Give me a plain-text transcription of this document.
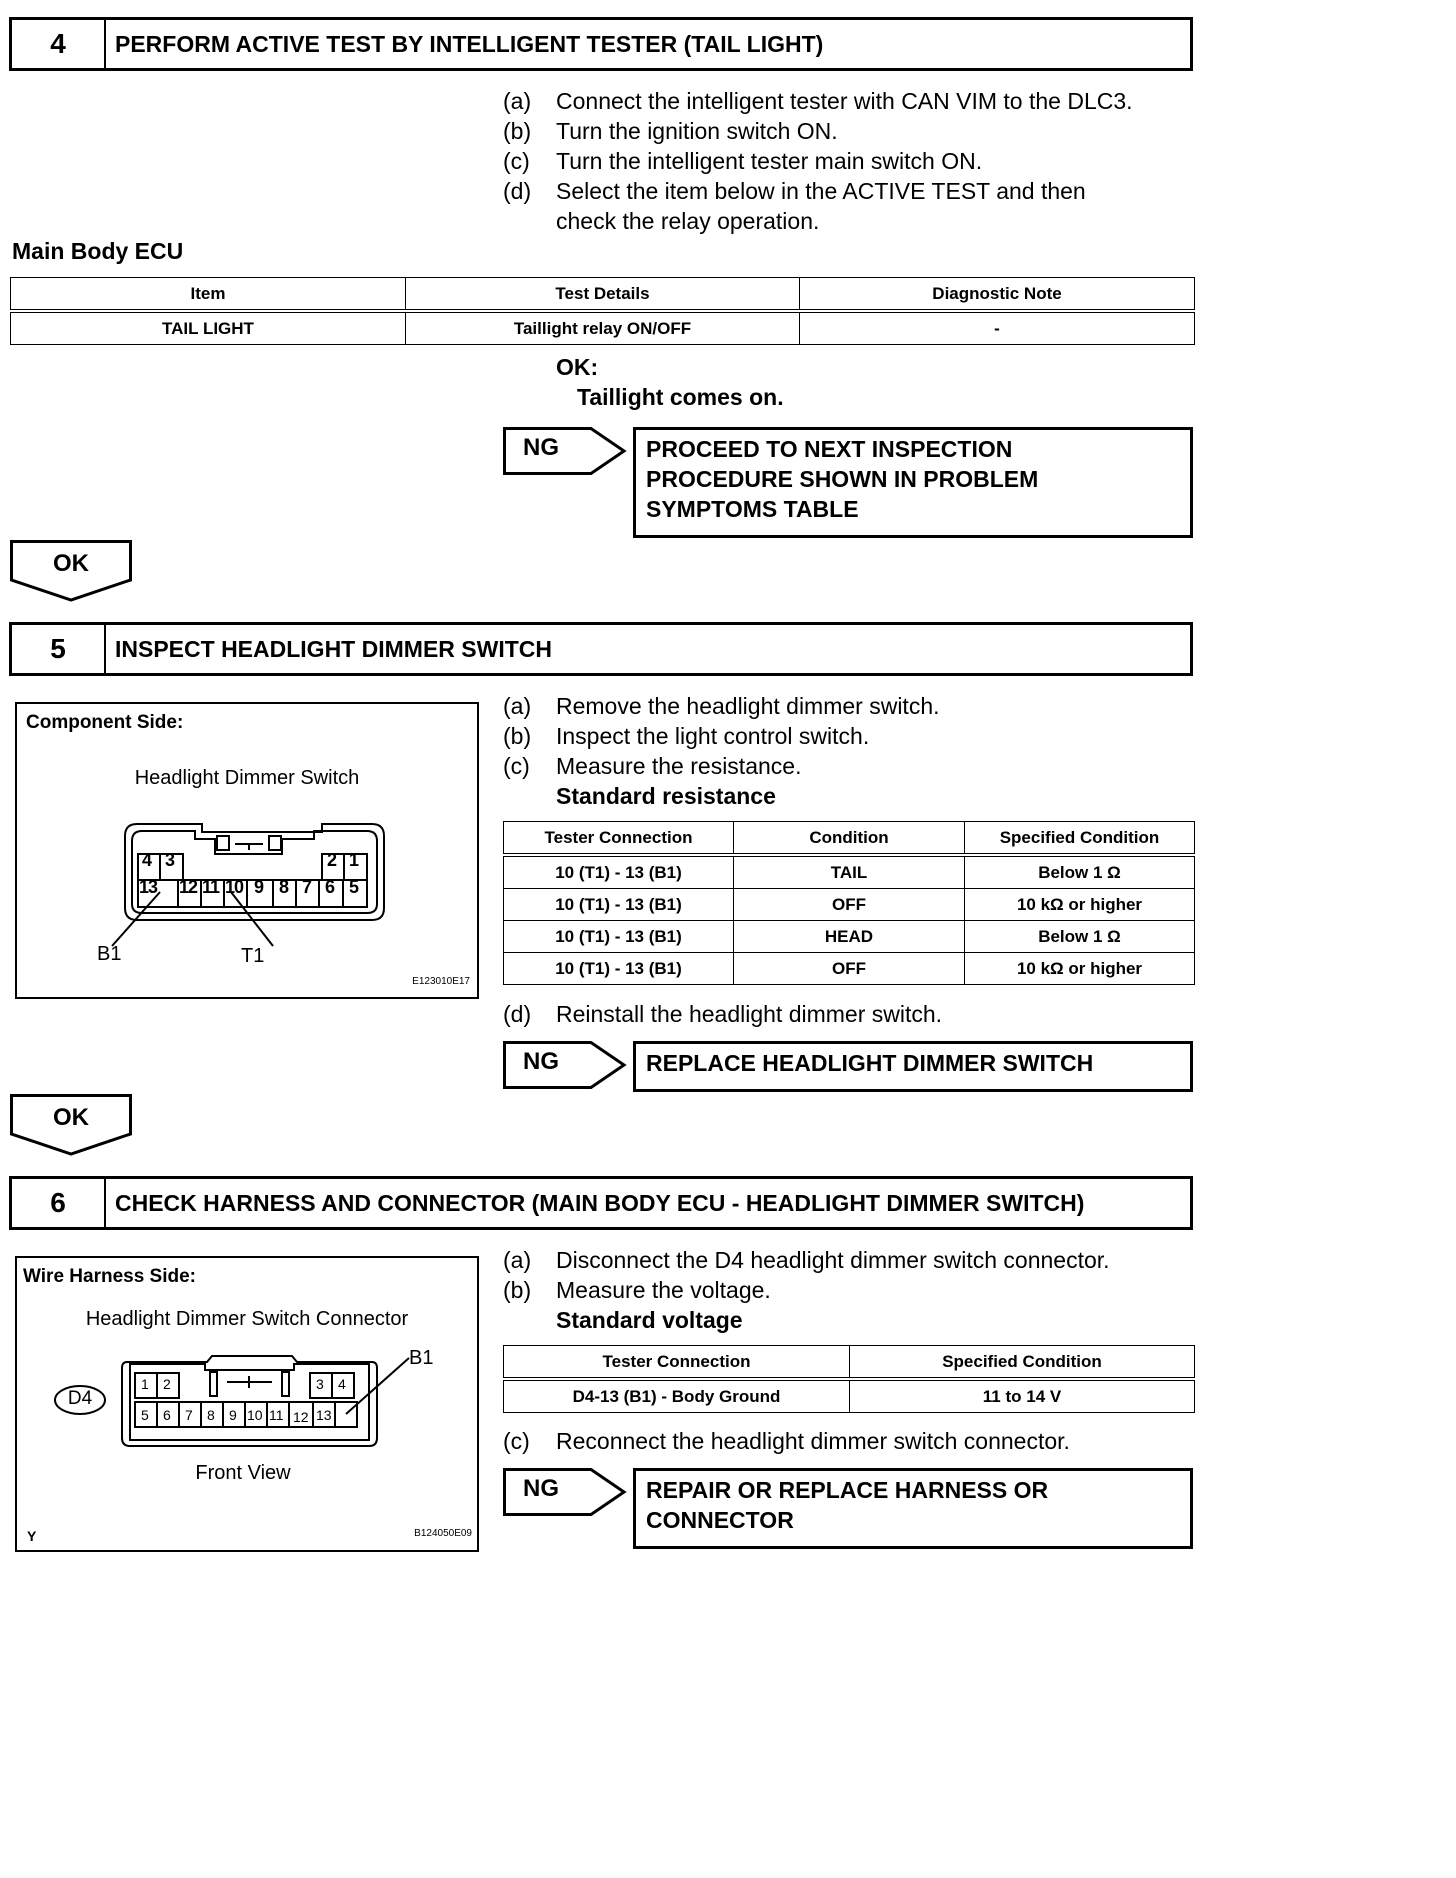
4	PERFORM ACTIVE TEST BY INTELLIGENT TESTER (TAIL LIGHT)
(a)	Connect the intelligent tester with CAN VIM to the DLC3.
(b)	Turn the ignition switch ON.
(c)	Turn the intelligent tester main switch ON.
(d)	Select the item below in the ACTIVE TEST and then
check the relay operation.
Main Body ECU
Item	Test Details	Diagnostic Note
TAIL LIGHT	Taillight relay ON/OFF	-
OK:
Taillight comes on.
NG	PROCEED TO NEXT INSPECTION
PROCEDURE SHOWN IN PROBLEM
SYMPTOMS TABLE
OK
5	INSPECT HEADLIGHT DIMMER SWITCH
Component Side:
Headlight Dimmer Switch
4 3	2 1
13 12 11 10 9 8 7 6 5
B1	T1
E123010E17
(a)	Remove the headlight dimmer switch.
(b)	Inspect the light control switch.
(c)	Measure the resistance.
Standard resistance
Tester Connection	Condition	Specified Condition
10 (T1) - 13 (B1)	TAIL	Below 1 Ω
10 (T1) - 13 (B1)	OFF	10 kΩ or higher
10 (T1) - 13 (B1)	HEAD	Below 1 Ω
10 (T1) - 13 (B1)	OFF	10 kΩ or higher
(d)	Reinstall the headlight dimmer switch.
NG	REPLACE HEADLIGHT DIMMER SWITCH
OK
6	CHECK HARNESS AND CONNECTOR (MAIN BODY ECU - HEADLIGHT DIMMER SWITCH)
Wire Harness Side:
Headlight Dimmer Switch Connector
D4
1 2	3 4
5 6 7 8 9 10 11 12 13
B1
Front View
Y	B124050E09
(a)	Disconnect the D4 headlight dimmer switch connector.
(b)	Measure the voltage.
Standard voltage
Tester Connection	Specified Condition
D4-13 (B1) - Body Ground	11 to 14 V
(c)	Reconnect the headlight dimmer switch connector.
NG	REPAIR OR REPLACE HARNESS OR
CONNECTOR
